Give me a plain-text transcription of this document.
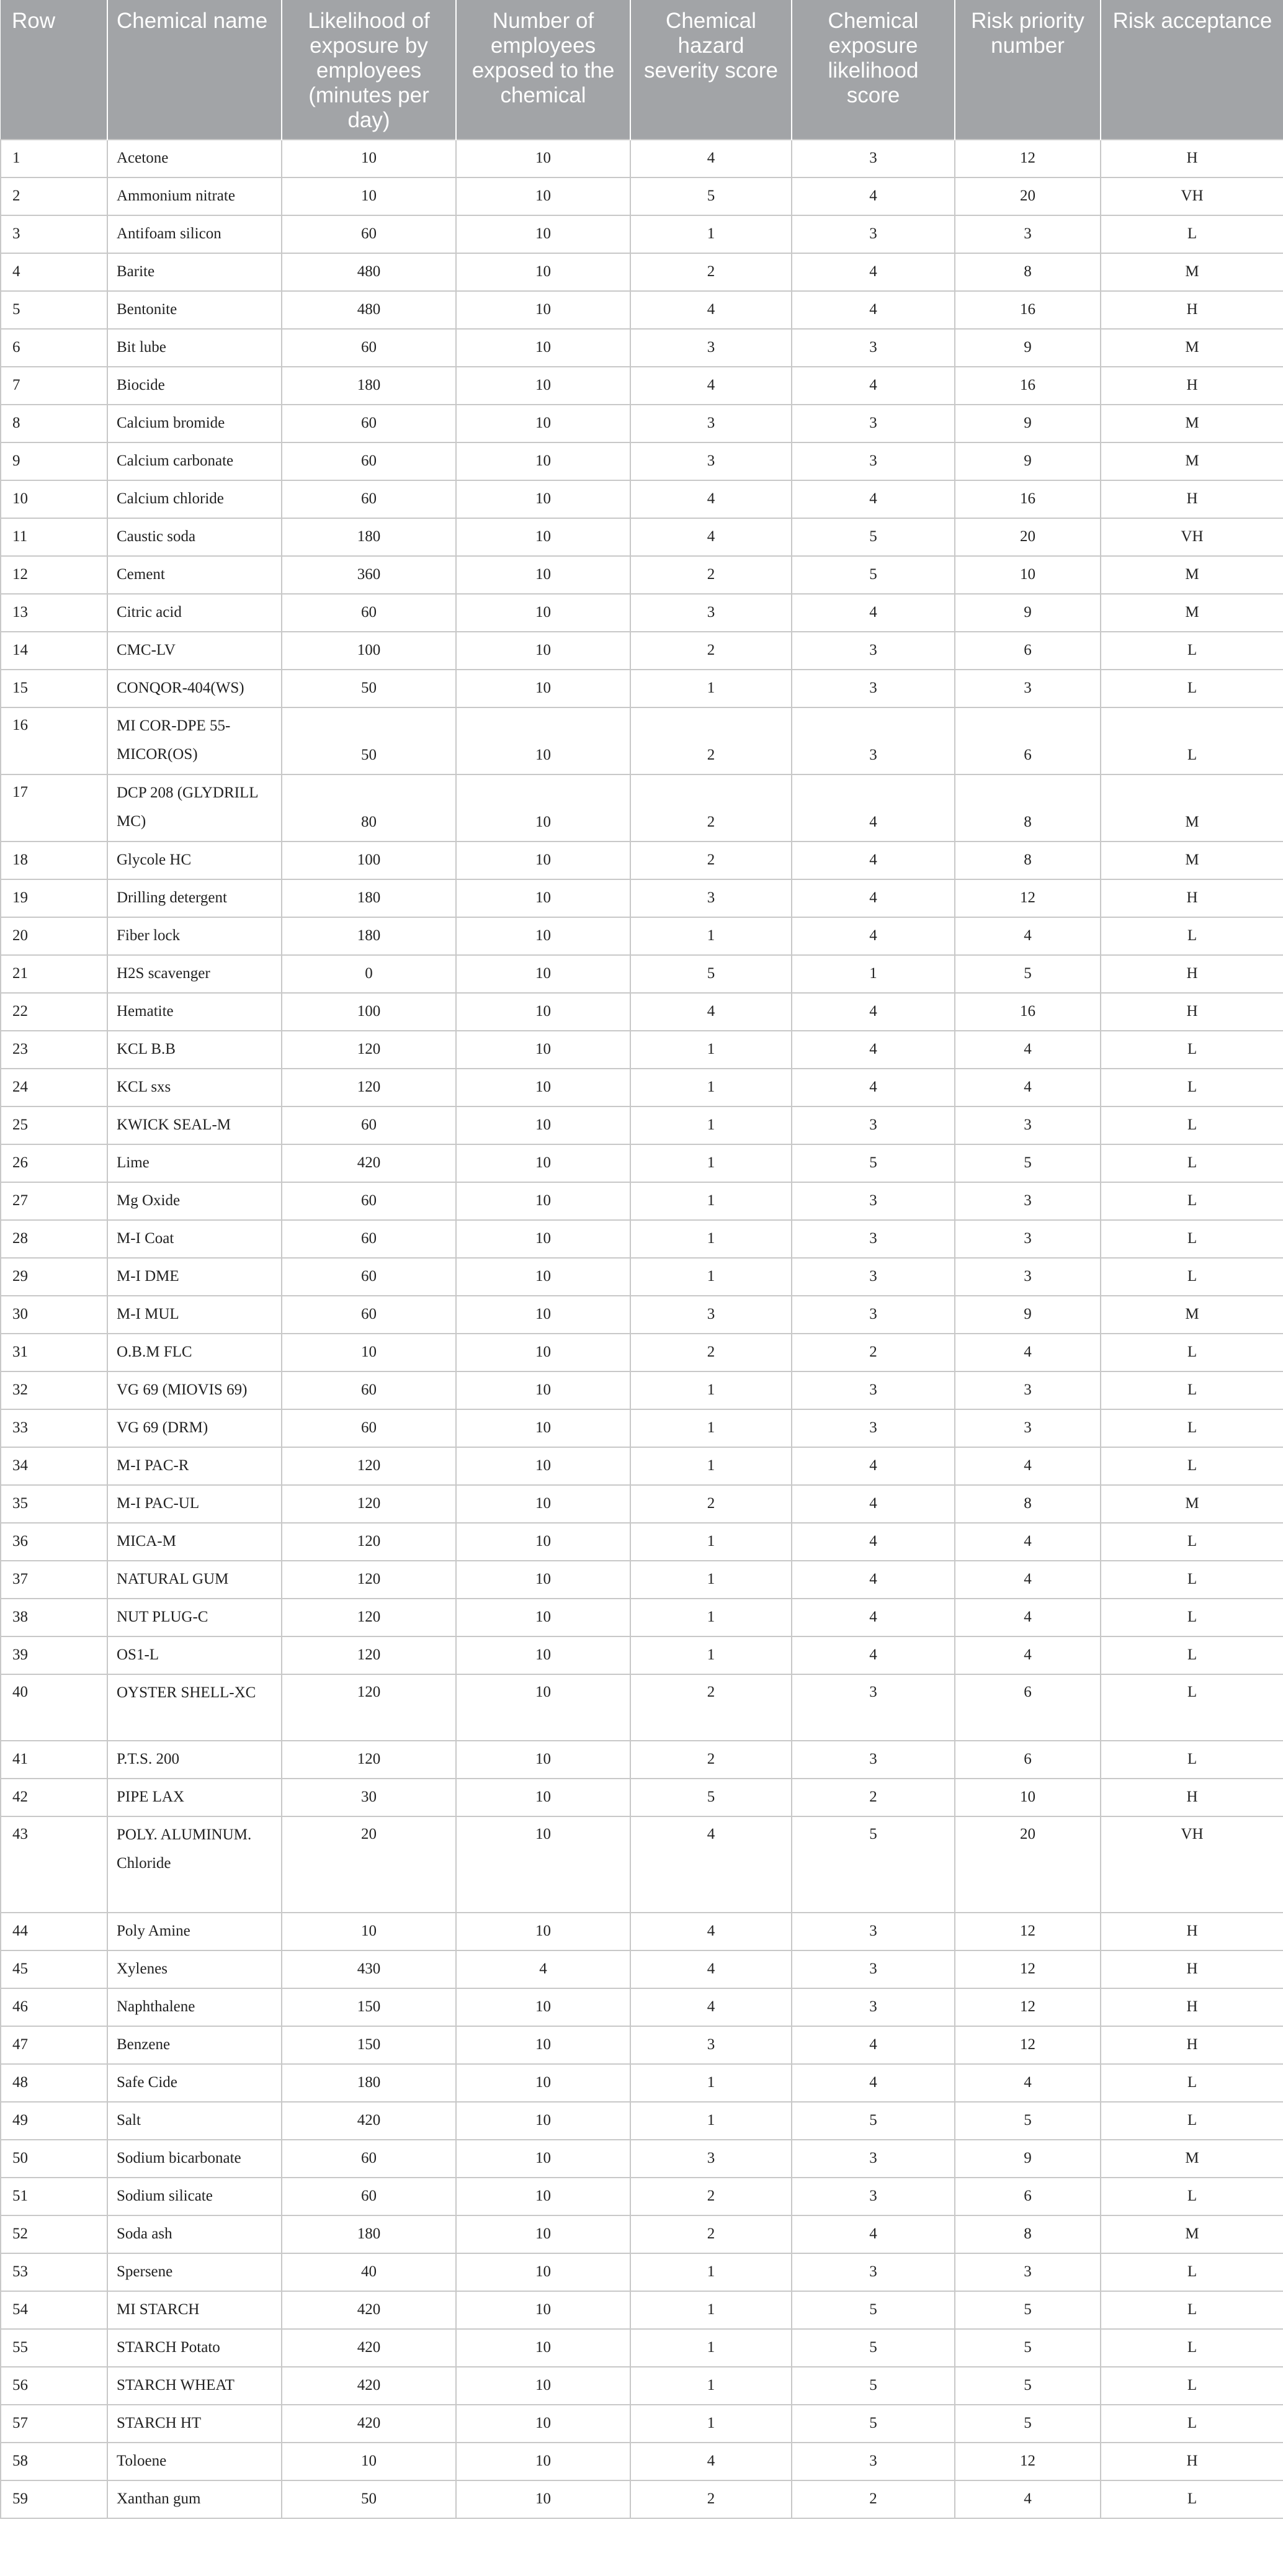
Row	Chemical name	Likelihood of exposure by employees (minutes per day)	Number of employees exposed to the chemical	Chemical hazard severity score	Chemical exposure likelihood score	Risk priority number	Risk acceptance
1	Acetone	10	10	4	3	12	H
2	Ammonium nitrate	10	10	5	4	20	VH
3	Antifoam silicon	60	10	1	3	3	L
4	Barite	480	10	2	4	8	M
5	Bentonite	480	10	4	4	16	H
6	Bit lube	60	10	3	3	9	M
7	Biocide	180	10	4	4	16	H
8	Calcium bromide	60	10	3	3	9	M
9	Calcium carbonate	60	10	3	3	9	M
10	Calcium chloride	60	10	4	4	16	H
11	Caustic soda	180	10	4	5	20	VH
12	Cement	360	10	2	5	10	M
13	Citric acid	60	10	3	4	9	M
14	CMC-LV	100	10	2	3	6	L
15	CONQOR-404(WS)	50	10	1	3	3	L
16	MI COR-DPE 55-MICOR(OS)	50	10	2	3	6	L
17	DCP 208 (GLYDRILL MC)	80	10	2	4	8	M
18	Glycole HC	100	10	2	4	8	M
19	Drilling detergent	180	10	3	4	12	H
20	Fiber lock	180	10	1	4	4	L
21	H2S scavenger	0	10	5	1	5	H
22	Hematite	100	10	4	4	16	H
23	KCL B.B	120	10	1	4	4	L
24	KCL sxs	120	10	1	4	4	L
25	KWICK SEAL-M	60	10	1	3	3	L
26	Lime	420	10	1	5	5	L
27	Mg Oxide	60	10	1	3	3	L
28	M-I Coat	60	10	1	3	3	L
29	M-I DME	60	10	1	3	3	L
30	M-I MUL	60	10	3	3	9	M
31	O.B.M FLC	10	10	2	2	4	L
32	VG 69 (MIOVIS 69)	60	10	1	3	3	L
33	VG 69 (DRM)	60	10	1	3	3	L
34	M-I PAC-R	120	10	1	4	4	L
35	M-I PAC-UL	120	10	2	4	8	M
36	MICA-M	120	10	1	4	4	L
37	NATURAL GUM	120	10	1	4	4	L
38	NUT PLUG-C	120	10	1	4	4	L
39	OS1-L	120	10	1	4	4	L
40	OYSTER SHELL-XC	120	10	2	3	6	L
41	P.T.S. 200	120	10	2	3	6	L
42	PIPE LAX	30	10	5	2	10	H
43	POLY. ALUMINUM. Chloride	20	10	4	5	20	VH
44	Poly Amine	10	10	4	3	12	H
45	Xylenes	430	4	4	3	12	H
46	Naphthalene	150	10	4	3	12	H
47	Benzene	150	10	3	4	12	H
48	Safe Cide	180	10	1	4	4	L
49	Salt	420	10	1	5	5	L
50	Sodium bicarbonate	60	10	3	3	9	M
51	Sodium silicate	60	10	2	3	6	L
52	Soda ash	180	10	2	4	8	M
53	Spersene	40	10	1	3	3	L
54	MI STARCH	420	10	1	5	5	L
55	STARCH Potato	420	10	1	5	5	L
56	STARCH WHEAT	420	10	1	5	5	L
57	STARCH HT	420	10	1	5	5	L
58	Toloene	10	10	4	3	12	H
59	Xanthan gum	50	10	2	2	4	L
